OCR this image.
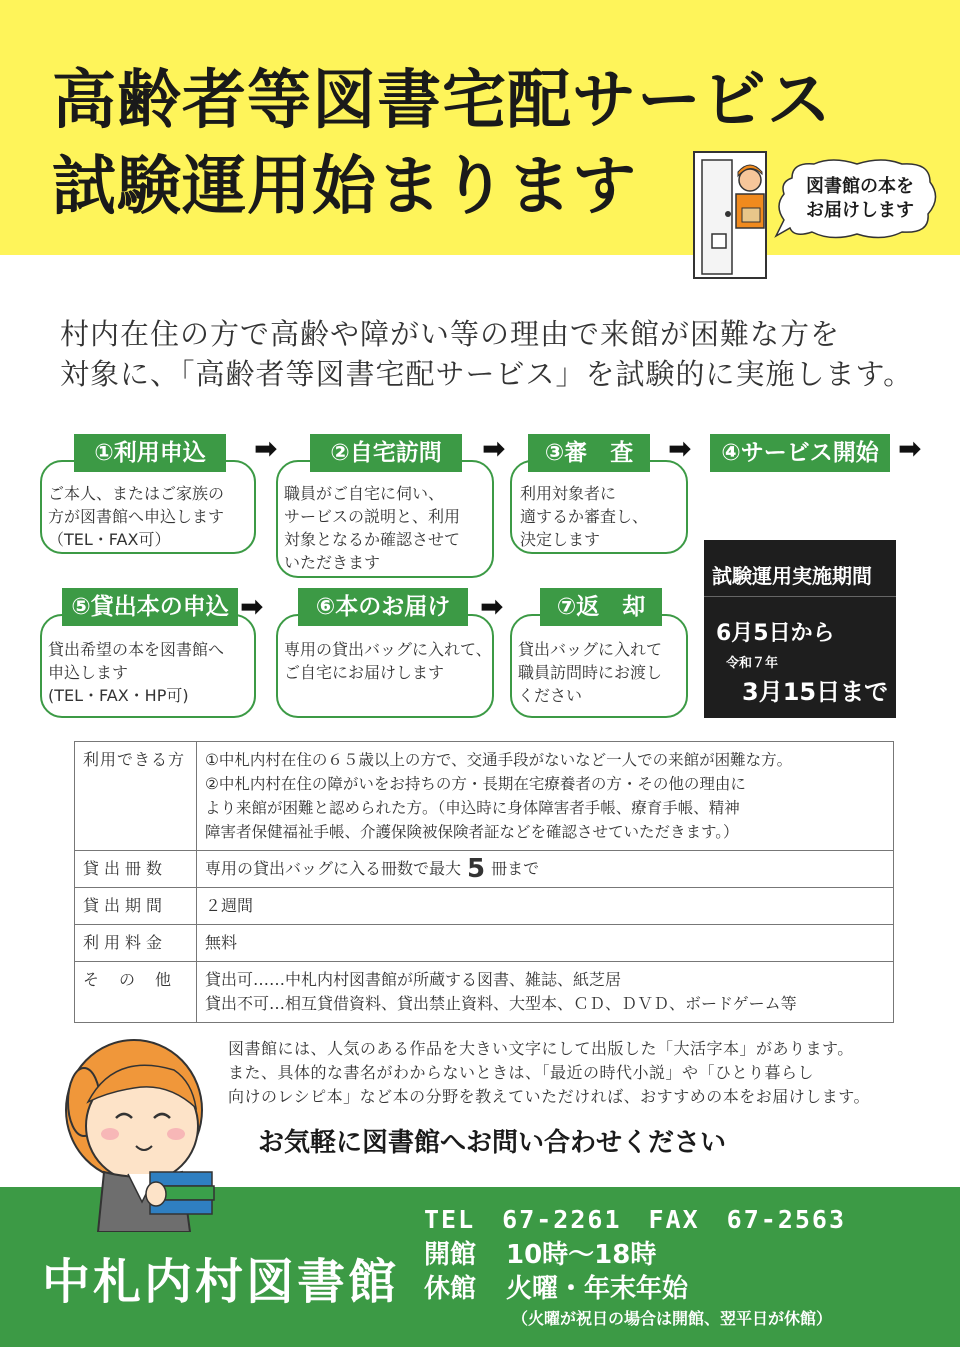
高齢者等図書宅配サービス
試験運用始まります	図書館の本を
お届けします
村内在住の方で高齢や障がい等の理由で来館が困難な方を
対象に、「高齢者等図書宅配サービス」を試験的に実施します。
①利用申込
ご本人、またはご家族の
方が図書館へ申込します
（TEL・FAX可）
➡	②自宅訪問
職員がご自宅に伺い、
サービスの説明と、利用
対象となるか確認させて
いただきます
➡	③審　査
利用対象者に
適するか審査し、
決定します
➡	④サービス開始 ➡
⑤貸出本の申込
貸出希望の本を図書館へ
申込します
(TEL・FAX・HP可)
➡	⑥本のお届け
専用の貸出バッグに入れて、
ご自宅にお届けします
➡	⑦返　却
貸出バッグに入れて
職員訪問時にお渡し
ください
試験運用実施期間
6月5日から
令和７年
3月15日まで
利用できる方	①中札内村在住の６５歳以上の方で、交通手段がないなど一人での来館が困難な方。
②中札内村在住の障がいをお持ちの方・長期在宅療養者の方・その他の理由に
より来館が困難と認められた方。（申込時に身体障害者手帳、療育手帳、精神
障害者保健福祉手帳、介護保険被保険者証などを確認させていただきます。）

貸出冊数	専用の貸出バッグに入る冊数で最大 5 冊まで
貸出期間	２週間
利用料金	無料
そ　の　他	貸出可……中札内村図書館が所蔵する図書、雑誌、紙芝居
貸出不可…相互貸借資料、貸出禁止資料、大型本、ＣＤ、ＤＶＤ、ボードゲーム等
図書館には、人気のある作品を大きい文字にして出版した「大活字本」があります。
また、具体的な書名がわからないときは、「最近の時代小説」や「ひとり暮らし
向けのレシピ本」など本の分野を教えていただければ、おすすめの本をお届けします。
お気軽に図書館へお問い合わせください
中札内村図書館
TEL　67-2261　FAX　67-2563
開館 10時～18時
休館 火曜・年末年始
（火曜が祝日の場合は開館、翌平日が休館）
